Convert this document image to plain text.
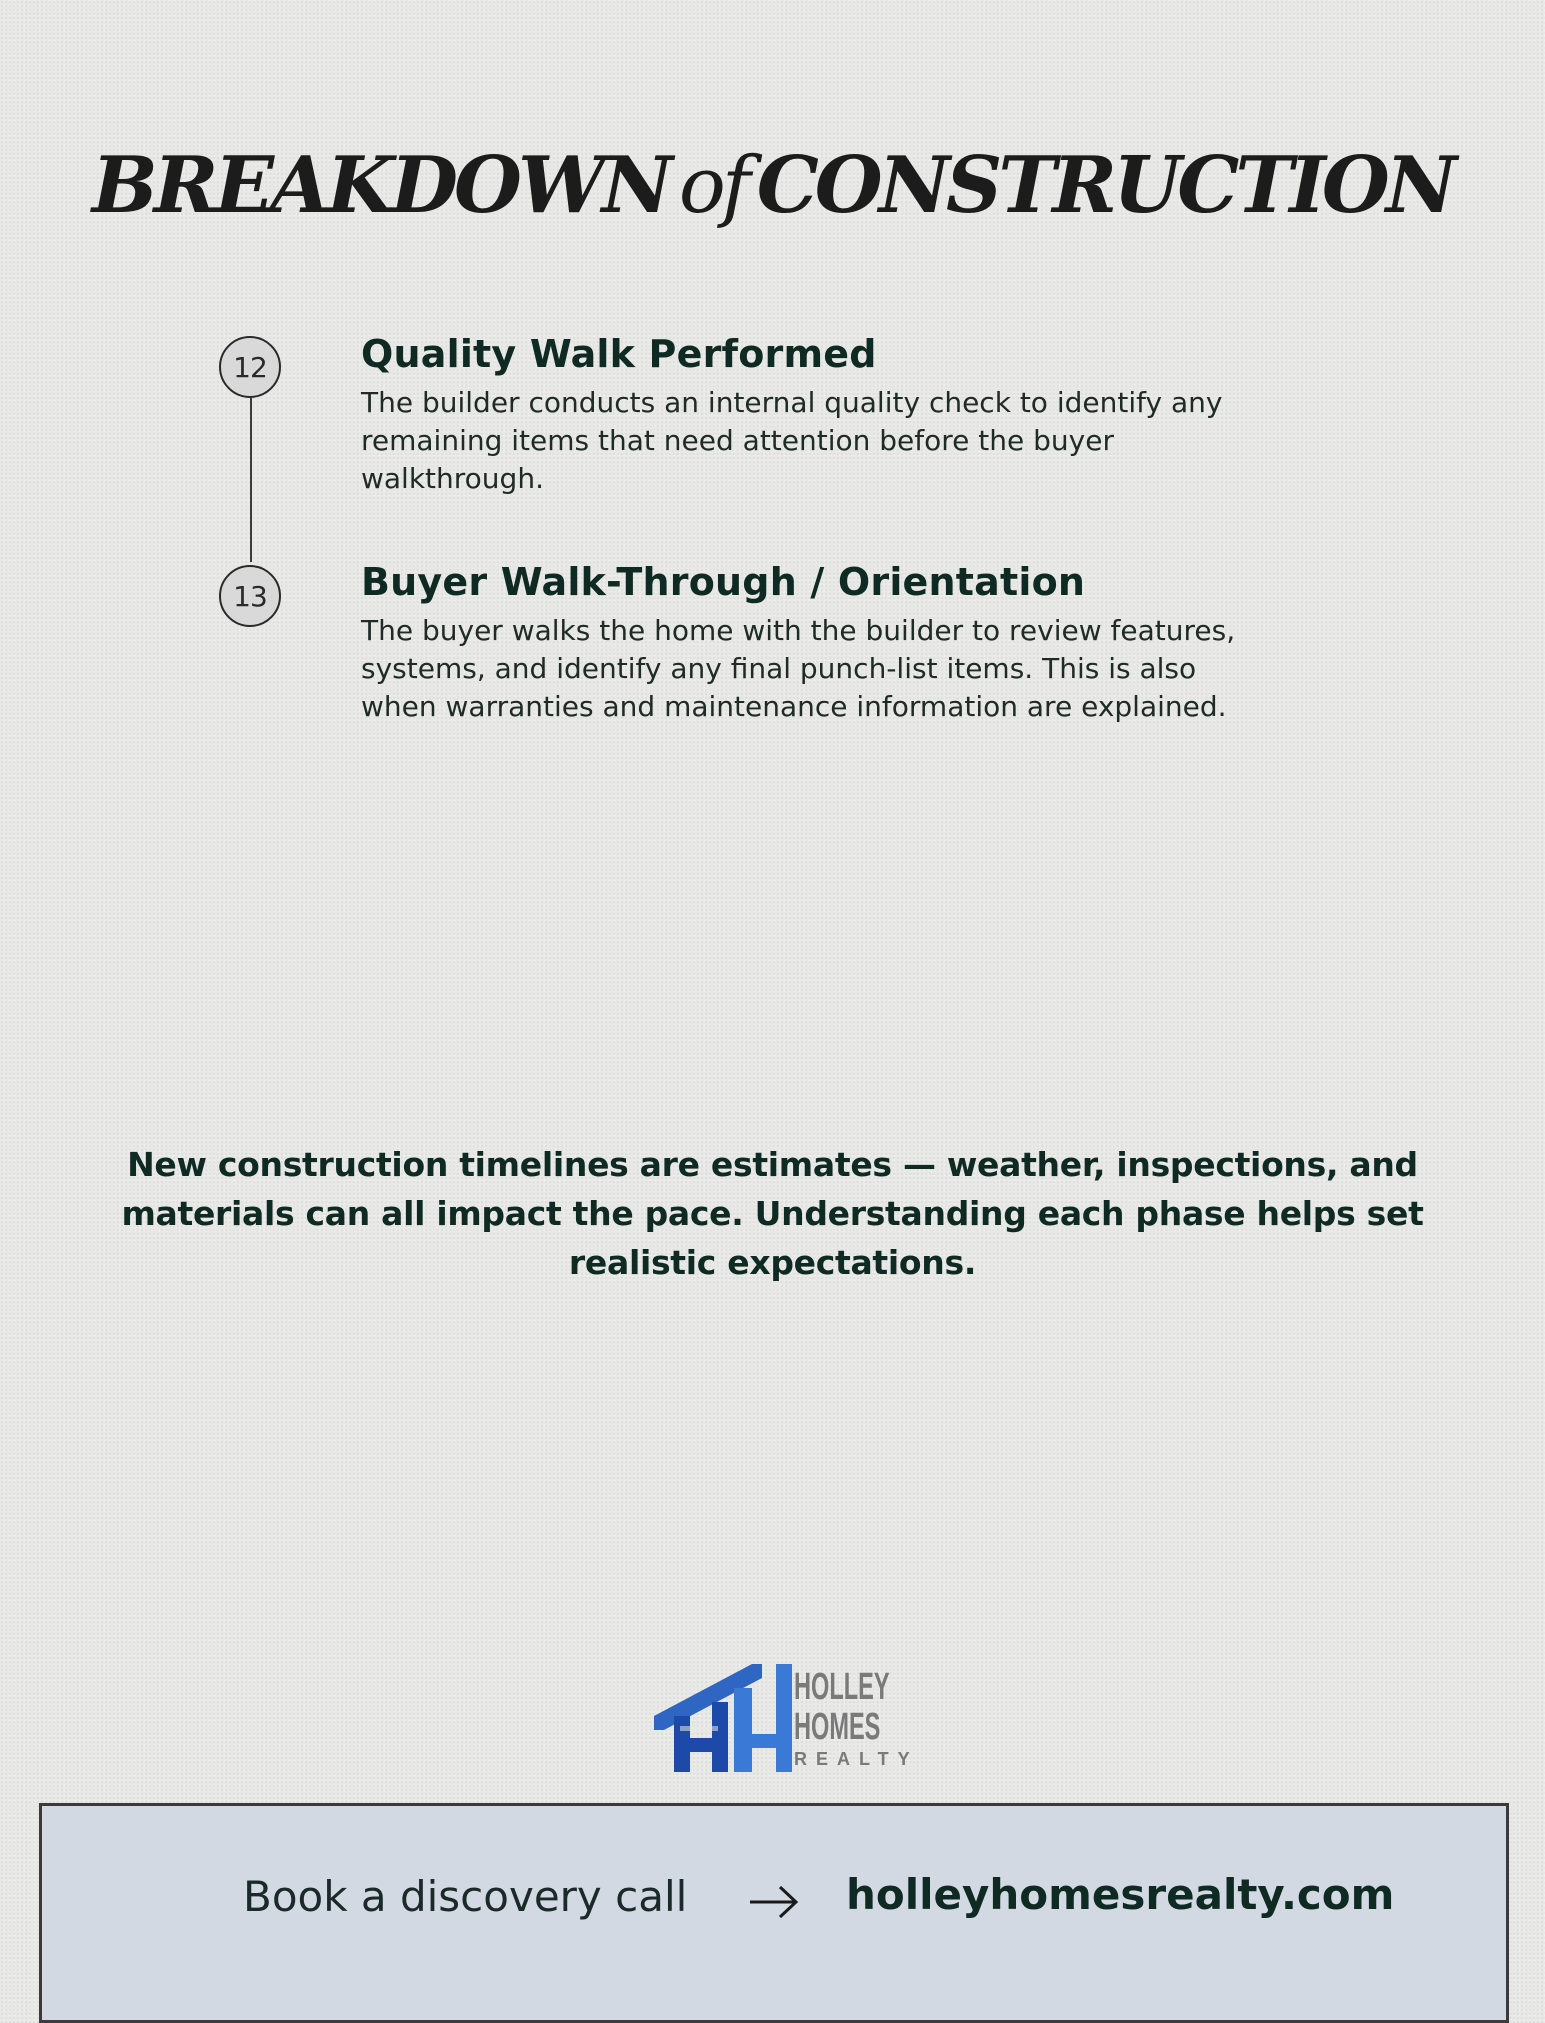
BREAKDOWN of CONSTRUCTION
12	Quality Walk Performed
The builder conducts an internal quality check to identify any
remaining items that need attention before the buyer
walkthrough.
13	Buyer Walk-Through / Orientation
The buyer walks the home with the builder to review features,
systems, and identify any final punch-list items. This is also
when warranties and maintenance information are explained.
New construction timelines are estimates — weather, inspections, and
materials can all impact the pace. Understanding each phase helps set
realistic expectations.
HOLLEY
HOMES
REALTY
Book a discovery call	holleyhomesrealty.com
